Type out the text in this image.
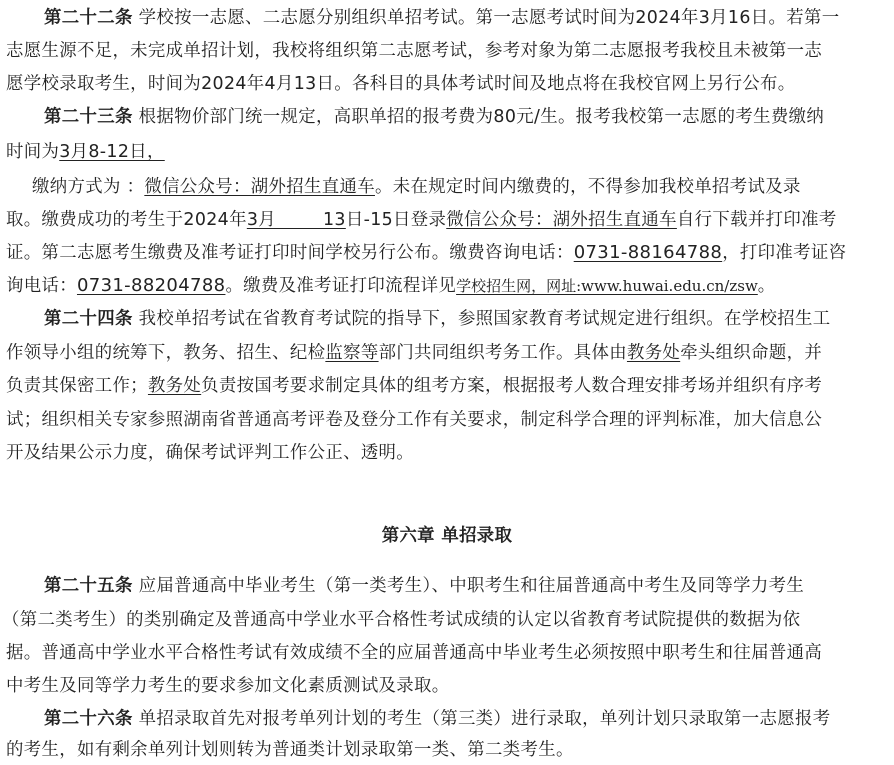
第二十二条 学校按一志愿、二志愿分别组织单招考试。第一志愿考试时间为2024年3月16日。若第一
志愿生源不足，未完成单招计划，我校将组织第二志愿考试，参考对象为第二志愿报考我校且未被第一志
愿学校录取考生，时间为2024年4月13日。各科目的具体考试时间及地点将在我校官网上另行公布。
第二十三条 根据物价部门统一规定，高职单招的报考费为80元/生。报考我校第一志愿的考生费缴纳
时间为3月8-12日，
缴纳方式为 ：微信公众号：湖外招生直通车。未在规定时间内缴费的，不得参加我校单招考试及录
取。缴费成功的考生于2024年3月        13日-15日登录微信公众号：湖外招生直通车自行下载并打印准考
证。第二志愿考生缴费及准考证打印时间学校另行公布。缴费咨询电话：0731-88164788，打印准考证咨
询电话：0731-88204788。缴费及准考证打印流程详见学校招生网，网址:www.huwai.edu.cn/zsw。
第二十四条 我校单招考试在省教育考试院的指导下，参照国家教育考试规定进行组织。在学校招生工
作领导小组的统筹下，教务、招生、纪检监察等部门共同组织考务工作。具体由教务处牵头组织命题，并
负责其保密工作；教务处负责按国考要求制定具体的组考方案，根据报考人数合理安排考场并组织有序考
试；组织相关专家参照湖南省普通高考评卷及登分工作有关要求，制定科学合理的评判标准，加大信息公
开及结果公示力度，确保考试评判工作公正、透明。
第六章 单招录取
第二十五条 应届普通高中毕业考生（第一类考生）、中职考生和往届普通高中考生及同等学力考生
（第二类考生）的类别确定及普通高中学业水平合格性考试成绩的认定以省教育考试院提供的数据为依
据。普通高中学业水平合格性考试有效成绩不全的应届普通高中毕业考生必须按照中职考生和往届普通高
中考生及同等学力考生的要求参加文化素质测试及录取。
第二十六条 单招录取首先对报考单列计划的考生（第三类）进行录取，单列计划只录取第一志愿报考
的考生，如有剩余单列计划则转为普通类计划录取第一类、第二类考生。
